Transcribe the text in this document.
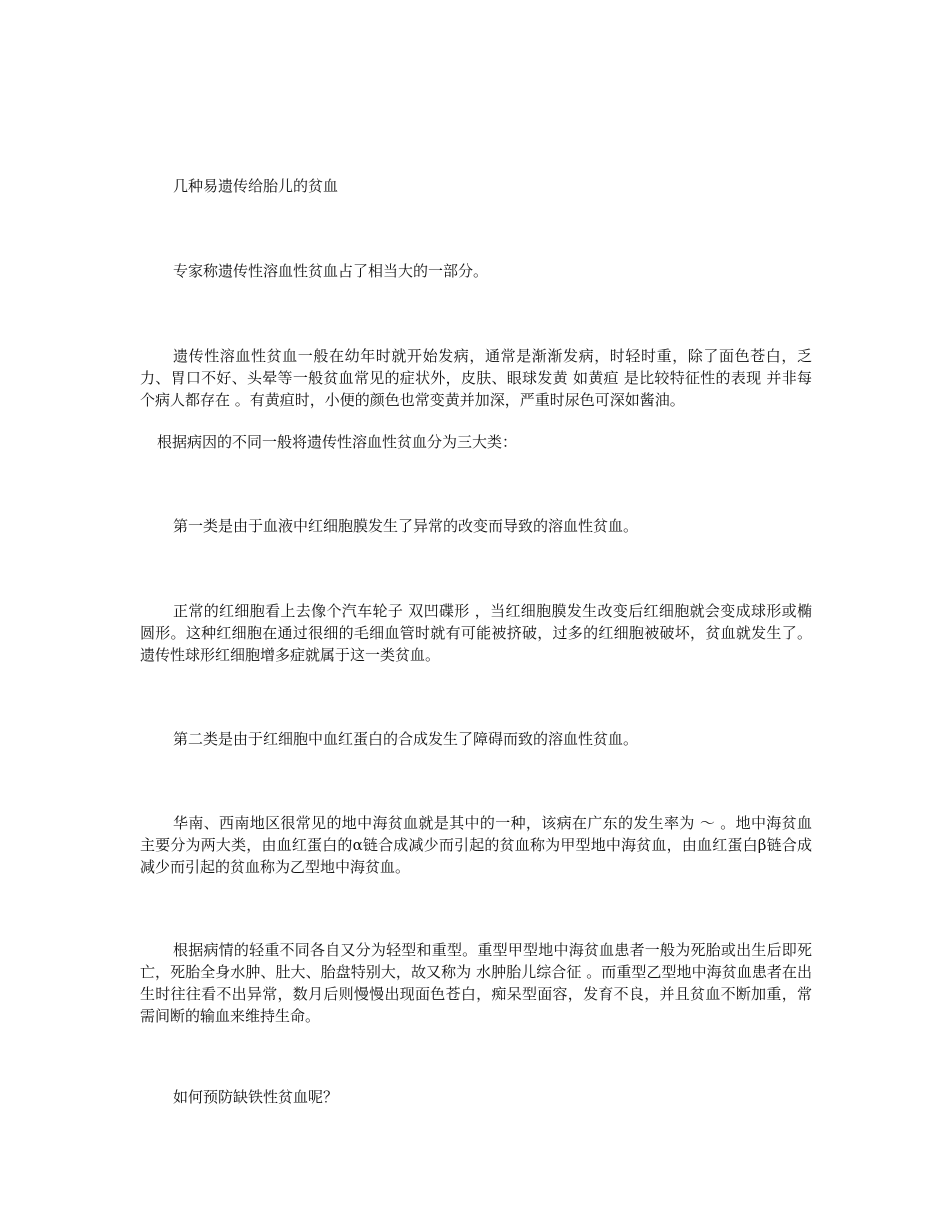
几种易遗传给胎儿的贫血

专家称遗传性溶血性贫血占了相当大的一部分。

遗传性溶血性贫血一般在幼年时就开始发病，通常是渐渐发病，时轻时重，除了面色苍白，乏力、胃口不好、头晕等一般贫血常见的症状外，皮肤、眼球发黄 如黄疸 是比较特征性的表现 并非每个病人都存在 。有黄疸时，小便的颜色也常变黄并加深，严重时尿色可深如酱油。

根据病因的不同一般将遗传性溶血性贫血分为三大类：

第一类是由于血液中红细胞膜发生了异常的改变而导致的溶血性贫血。

正常的红细胞看上去像个汽车轮子 双凹碟形 ，当红细胞膜发生改变后红细胞就会变成球形或椭圆形。这种红细胞在通过很细的毛细血管时就有可能被挤破，过多的红细胞被破坏，贫血就发生了。遗传性球形红细胞增多症就属于这一类贫血。

第二类是由于红细胞中血红蛋白的合成发生了障碍而致的溶血性贫血。

华南、西南地区很常见的地中海贫血就是其中的一种，该病在广东的发生率为 ～ 。地中海贫血主要分为两大类，由血红蛋白的α链合成减少而引起的贫血称为甲型地中海贫血，由血红蛋白β链合成减少而引起的贫血称为乙型地中海贫血。

根据病情的轻重不同各自又分为轻型和重型。重型甲型地中海贫血患者一般为死胎或出生后即死亡，死胎全身水肿、肚大、胎盘特别大，故又称为 水肿胎儿综合征 。而重型乙型地中海贫血患者在出生时往往看不出异常，数月后则慢慢出现面色苍白，痴呆型面容，发育不良，并且贫血不断加重，常需间断的输血来维持生命。

如何预防缺铁性贫血呢？
